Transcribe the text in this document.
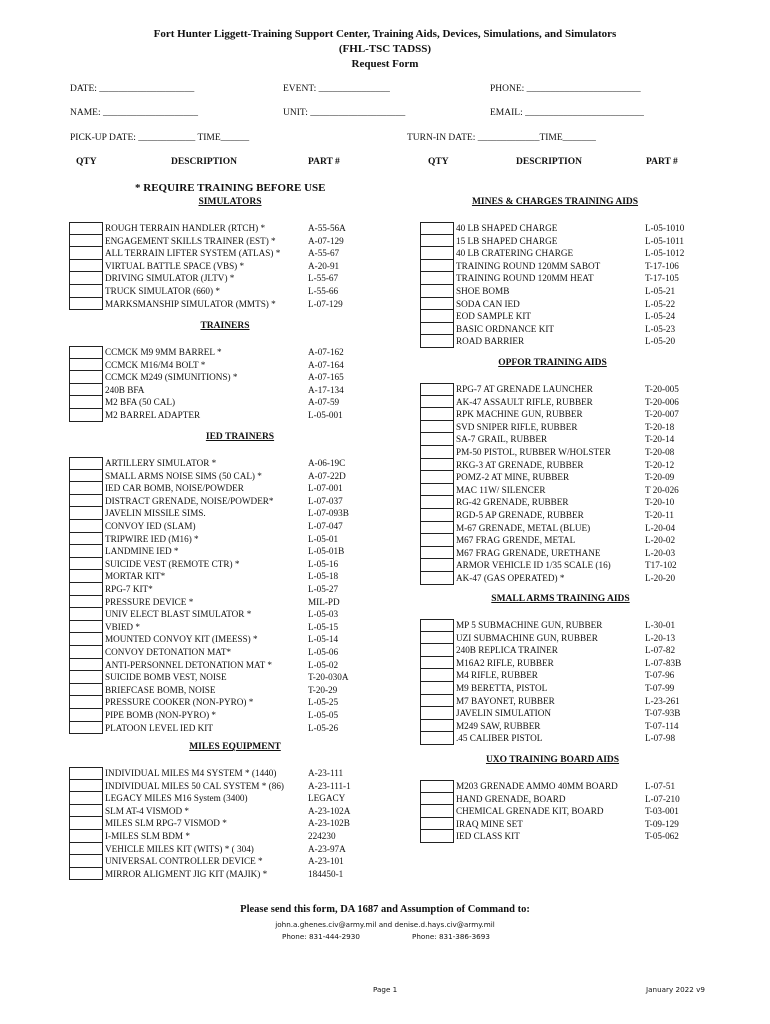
Fort Hunter Liggett-Training Support Center, Training Aids, Devices, Simulations, and Simulators
(FHL-TSC TADSS)
Request Form
DATE: ____________________	EVENT: _______________	PHONE: ________________________
NAME: ____________________	UNIT: ____________________	EMAIL: _________________________
PICK-UP DATE: ____________ TIME______	TURN-IN DATE: _____________TIME_______
QTY	DESCRIPTION	PART #	QTY	DESCRIPTION	PART #
* REQUIRE TRAINING BEFORE USE
SIMULATORS
ROUGH TERRAIN HANDLER (RTCH) *	A-55-56A
ENGAGEMENT SKILLS TRAINER (EST) *	A-07-129
ALL TERRAIN LIFTER SYSTEM (ATLAS) *	A-55-67
VIRTUAL BATTLE SPACE (VBS) *	A-20-91
DRIVING SIMULATOR (JLTV) *	L-55-67
TRUCK SIMULATOR (660) *	L-55-66
MARKSMANSHIP SIMULATOR (MMTS) *	L-07-129
TRAINERS
CCMCK M9 9MM BARREL *	A-07-162
CCMCK M16/M4 BOLT *	A-07-164
CCMCK M249 (SIMUNITIONS) *	A-07-165
240B BFA	A-17-134
M2 BFA (50 CAL)	A-07-59
M2 BARREL ADAPTER	L-05-001
IED TRAINERS
ARTILLERY SIMULATOR *	A-06-19C
SMALL ARMS NOISE SIMS (50 CAL) *	A-07-22D
IED CAR BOMB, NOISE/POWDER	L-07-001
DISTRACT GRENADE, NOISE/POWDER*	L-07-037
JAVELIN MISSILE SIMS.	L-07-093B
CONVOY IED (SLAM)	L-07-047
TRIPWIRE IED (M16) *	L-05-01
LANDMINE IED *	L-05-01B
SUICIDE VEST (REMOTE CTR) *	L-05-16
MORTAR KIT*	L-05-18
RPG-7 KIT*	L-05-27
PRESSURE DEVICE *	MIL-PD
UNIV ELECT BLAST SIMULATOR *	L-05-03
VBIED *	L-05-15
MOUNTED CONVOY KIT (IMEESS) *	L-05-14
CONVOY DETONATION MAT*	L-05-06
ANTI-PERSONNEL DETONATION MAT *	L-05-02
SUICIDE BOMB VEST, NOISE	T-20-030A
BRIEFCASE BOMB, NOISE	T-20-29
PRESSURE COOKER (NON-PYRO) *	L-05-25
PIPE BOMB (NON-PYRO) *	L-05-05
PLATOON LEVEL IED KIT	L-05-26
MILES EQUIPMENT
INDIVIDUAL MILES M4 SYSTEM * (1440)	A-23-111
INDIVIDUAL MILES 50 CAL SYSTEM * (86)	A-23-111-1
LEGACY MILES M16 System (3400)	LEGACY
SLM AT-4 VISMOD *	A-23-102A
MILES SLM RPG-7 VISMOD *	A-23-102B
I-MILES SLM BDM *	224230
VEHICLE MILES KIT (WITS) * ( 304)	A-23-97A
UNIVERSAL CONTROLLER DEVICE *	A-23-101
MIRROR ALIGMENT JIG KIT (MAJIK) *	184450-1
MINES & CHARGES TRAINING AIDS
40 LB SHAPED CHARGE	L-05-1010
15 LB SHAPED CHARGE	L-05-1011
40 LB CRATERING CHARGE	L-05-1012
TRAINING ROUND 120MM SABOT	T-17-106
TRAINING ROUND 120MM HEAT	T-17-105
SHOE BOMB	L-05-21
SODA CAN IED	L-05-22
EOD SAMPLE KIT	L-05-24
BASIC ORDNANCE KIT	L-05-23
ROAD BARRIER	L-05-20
OPFOR TRAINING AIDS
RPG-7 AT GRENADE LAUNCHER	T-20-005
AK-47 ASSAULT RIFLE, RUBBER	T-20-006
RPK MACHINE GUN, RUBBER	T-20-007
SVD SNIPER RIFLE, RUBBER	T-20-18
SA-7 GRAIL, RUBBER	T-20-14
PM-50 PISTOL, RUBBER W/HOLSTER	T-20-08
RKG-3 AT GRENADE, RUBBER	T-20-12
POMZ-2 AT MINE, RUBBER	T-20-09
MAC 11W/ SILENCER	T 20-026
RG-42 GRENADE, RUBBER	T-20-10
RGD-5 AP GRENADE, RUBBER	T-20-11
M-67 GRENADE, METAL (BLUE)	L-20-04
M67 FRAG GRENDE, METAL	L-20-02
M67 FRAG GRENADE, URETHANE	L-20-03
ARMOR VEHICLE ID 1/35 SCALE (16)	T17-102
AK-47 (GAS OPERATED) *	L-20-20
SMALL ARMS TRAINING AIDS
MP 5 SUBMACHINE GUN, RUBBER	L-30-01
UZI SUBMACHINE GUN, RUBBER	L-20-13
240B REPLICA TRAINER	L-07-82
M16A2 RIFLE, RUBBER	L-07-83B
M4 RIFLE, RUBBER	T-07-96
M9 BERETTA, PISTOL	T-07-99
M7 BAYONET, RUBBER	L-23-261
JAVELIN SIMULATION	T-07-93B
M249 SAW, RUBBER	T-07-114
.45 CALIBER PISTOL	L-07-98
UXO TRAINING BOARD AIDS
M203 GRENADE AMMO 40MM BOARD	L-07-51
HAND GRENADE, BOARD	L-07-210
CHEMICAL GRENADE KIT, BOARD	T-03-001
IRAQ MINE SET	T-09-129
IED CLASS KIT	T-05-062
Please send this form, DA 1687 and Assumption of Command to:
john.a.ghenes.civ@army.mil and denise.d.hays.civ@army.mil
Phone: 831-444-2930	Phone: 831-386-3693
Page 1	January 2022 v9
